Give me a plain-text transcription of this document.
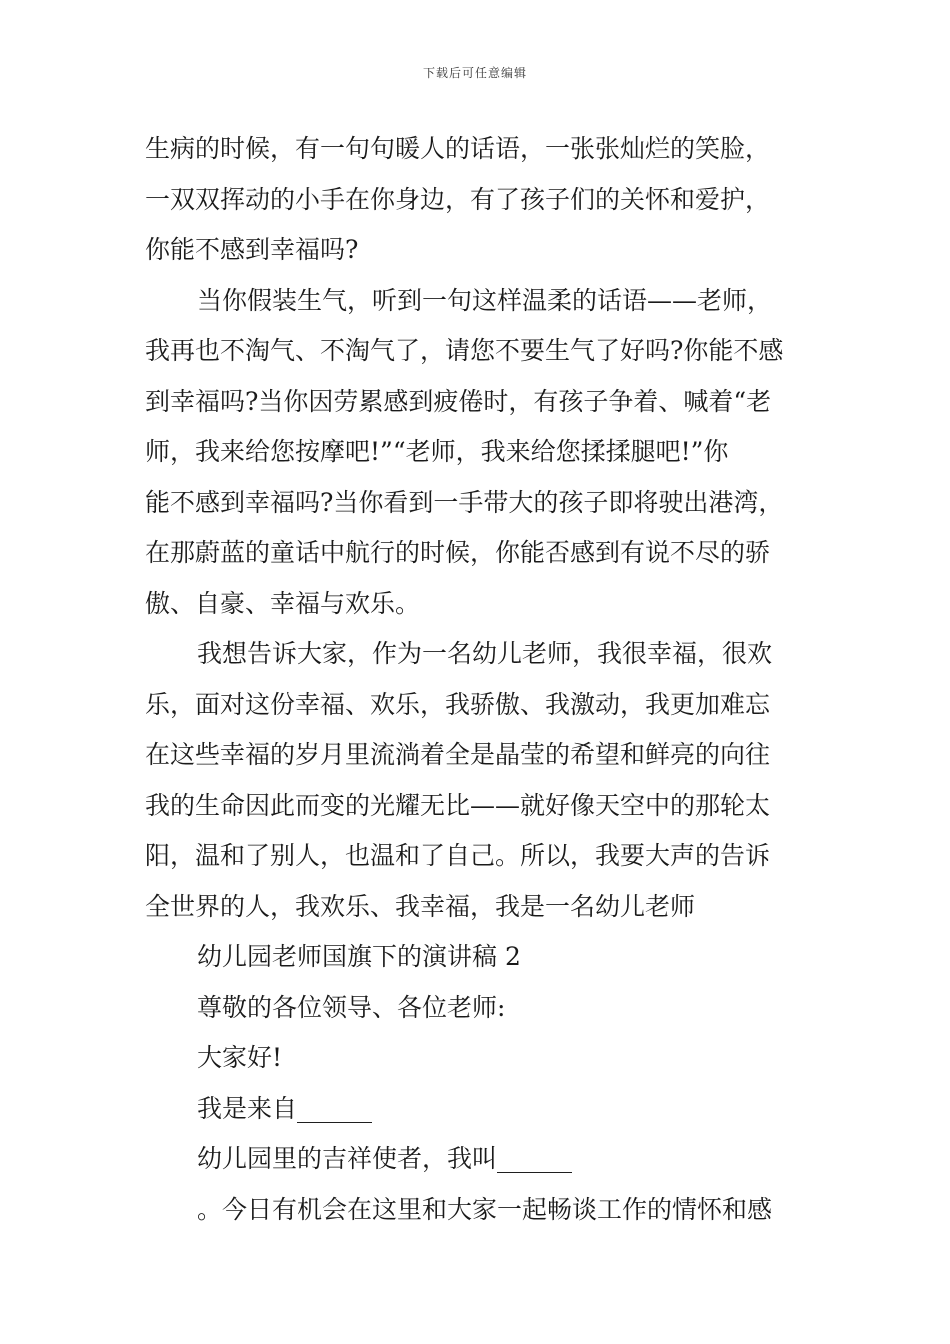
下载后可任意编辑
生病的时候，有一句句暖人的话语，一张张灿烂的笑脸，
一双双挥动的小手在你身边，有了孩子们的关怀和爱护，
你能不感到幸福吗?
当你假装生气，听到一句这样温柔的话语——老师，
我再也不淘气、不淘气了，请您不要生气了好吗?你能不感
到幸福吗?当你因劳累感到疲倦时，有孩子争着、喊着“老
师，我来给您按摩吧!”“老师，我来给您揉揉腿吧!”你
能不感到幸福吗?当你看到一手带大的孩子即将驶出港湾，
在那蔚蓝的童话中航行的时候，你能否感到有说不尽的骄
傲、自豪、幸福与欢乐。
我想告诉大家，作为一名幼儿老师，我很幸福，很欢
乐，面对这份幸福、欢乐，我骄傲、我激动，我更加难忘
在这些幸福的岁月里流淌着全是晶莹的希望和鲜亮的向往
我的生命因此而变的光耀无比——就好像天空中的那轮太
阳，温和了别人，也温和了自己。所以，我要大声的告诉
全世界的人，我欢乐、我幸福，我是一名幼儿老师
幼儿园老师国旗下的演讲稿 2
尊敬的各位领导、各位老师:
大家好!
我是来自______
幼儿园里的吉祥使者，我叫______
。今日有机会在这里和大家一起畅谈工作的情怀和感
